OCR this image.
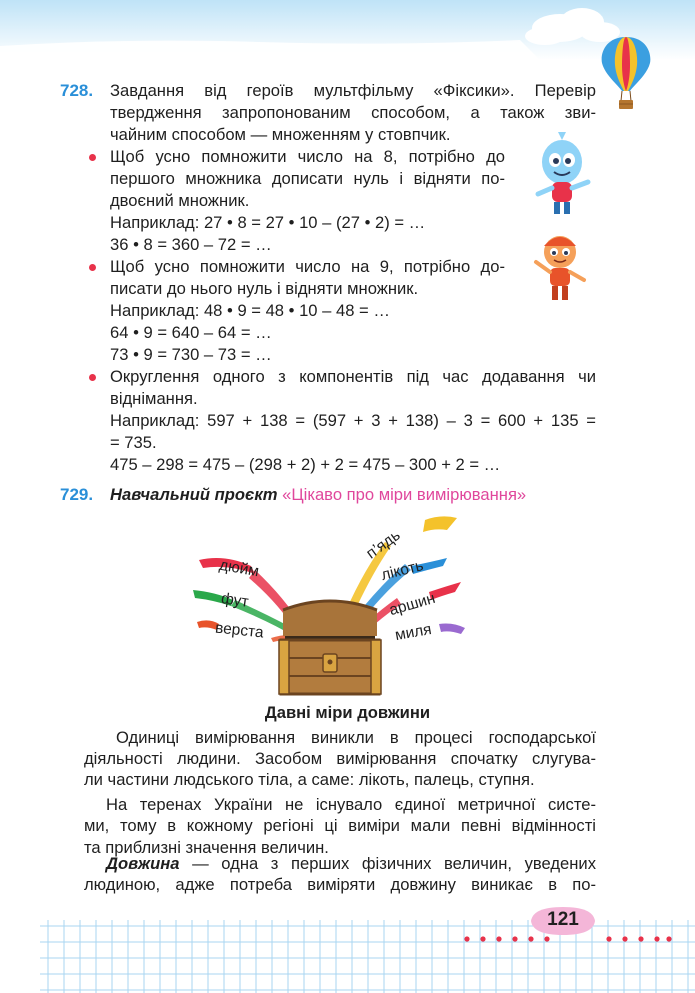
728. Завдання від героїв мультфільму «Фіксики». Перевір
твердження запропонованим способом, а також зви-
чайним способом — множенням у стовпчик.
Щоб усно помножити число на 8, потрібно до
першого множника дописати нуль і відняти по-
двоєний множник.
Наприклад: 27 • 8 = 27 • 10 – (27 • 2) = …
36 • 8 = 360 – 72 = …
Щоб усно помножити число на 9, потрібно до-
писати до нього нуль і відняти множник.
Наприклад: 48 • 9 = 48 • 10 – 48 = …
64 • 9 = 640 – 64 = …
73 • 9 = 730 – 73 = …
Округлення одного з компонентів під час додавання чи
віднімання.
Наприклад: 597 + 138 = (597 + 3 + 138) – 3 = 600 + 135 =
= 735.
475 – 298 = 475 – (298 + 2) + 2 = 475 – 300 + 2 = …
729. Навчальний проєкт «Цікаво про міри вимірювання»
дюйм
фут
верста
п’ядь
лікоть
аршин
миля
Давні міри довжини
Одиниці вимірювання виникли в процесі господарської
діяльності людини. Засобом вимірювання спочатку слугува-
ли частини людського тіла, а саме: лікоть, палець, ступня.
На теренах України не існувало єдиної метричної систе-
ми, тому в кожному регіоні ці виміри мали певні відмінності
та приблизні значення величин.
Довжина — одна з перших фізичних величин, уведених
людиною, адже потреба виміряти довжину виникає в по-
121
